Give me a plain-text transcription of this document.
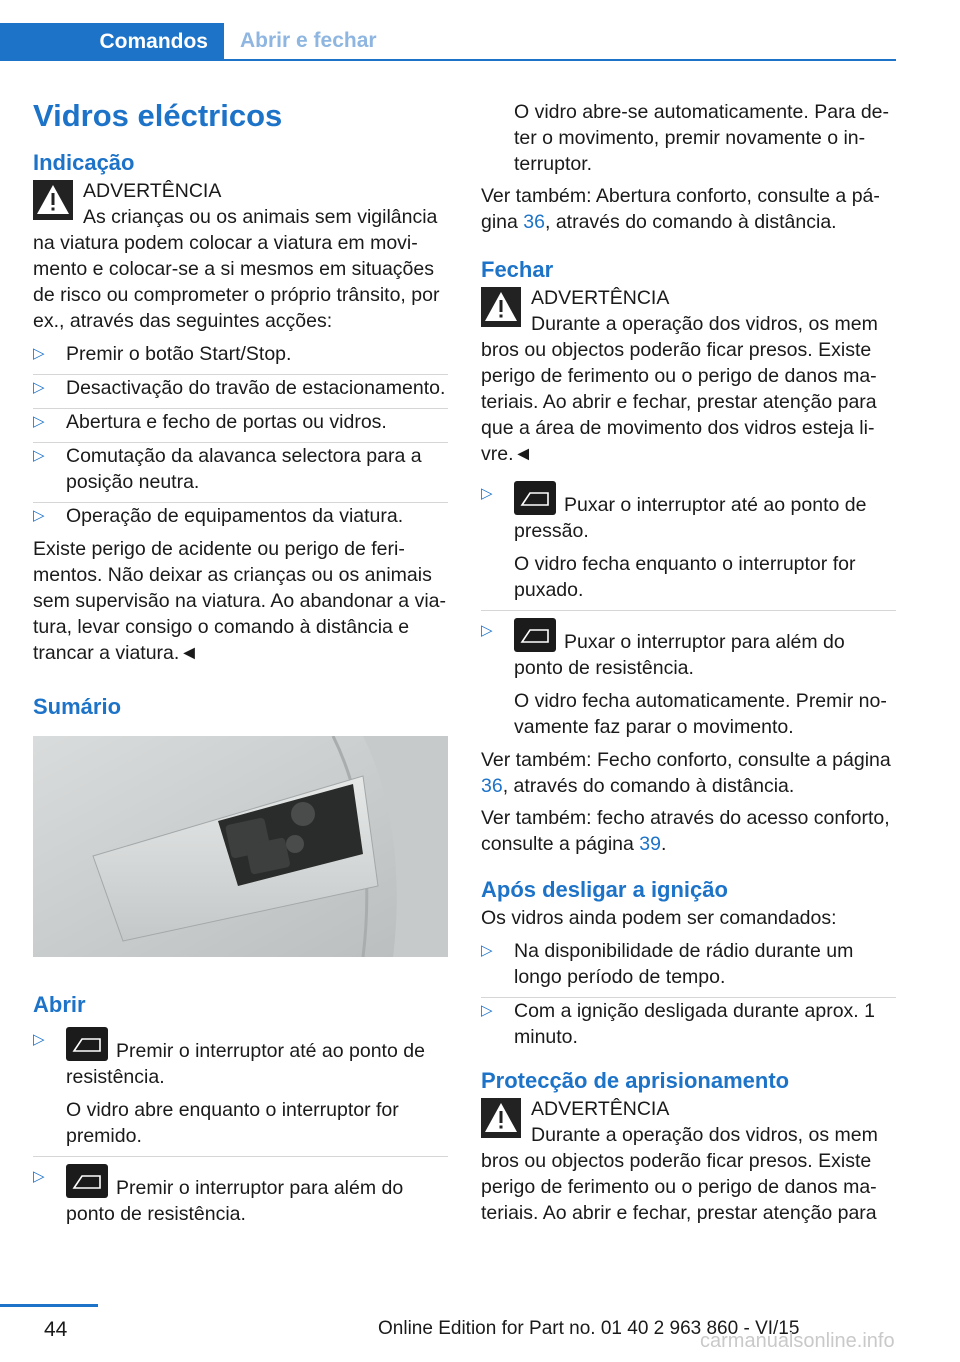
Comandos	Abrir e fechar
Vidros eléctricos
Indicação

ADVERTÊNCIA

As crianças ou os animais sem vigilância

na viatura podem colocar a viatura em movimento e colocar-se a si mesmos em situações de risco ou comprometer o próprio trânsito, por ex., através das seguintes acções:

▷ Premir o botão Start/Stop.
▷ Desactivação do travão de estacionamento.
▷ Abertura e fecho de portas ou vidros.
▷ Comutação da alavanca selectora para a posição neutra.
▷ Operação de equipamentos da viatura.

Existe perigo de acidente ou perigo de ferimentos. Não deixar as crianças ou os animais sem supervisão na viatura. Ao abandonar a viatura, levar consigo o comando à distância e trancar a viatura.◄

Sumário
Abrir
▷
Premir o interruptor até ao ponto de resistência.

O vidro abre enquanto o interruptor for premido.

▷
Premir o interruptor para além do ponto de resistência.

O vidro abre-se automaticamente. Para deter o movimento, premir novamente o interruptor.

Ver também: Abertura conforto, consulte a página 36, através do comando à distância.

Fechar

ADVERTÊNCIA

Durante a operação dos vidros, os mem

bros ou objectos poderão ficar presos. Existe perigo de ferimento ou o perigo de danos materiais. Ao abrir e fechar, prestar atenção para que a área de movimento dos vidros esteja livre.◄

▷
Puxar o interruptor até ao ponto de pressão.

O vidro fecha enquanto o interruptor for puxado.

▷
Puxar o interruptor para além do ponto de resistência.

O vidro fecha automaticamente. Premir novamente faz parar o movimento.

Ver também: Fecho conforto, consulte a página 36, através do comando à distância.

Ver também: fecho através do acesso conforto, consulte a página 39.

Após desligar a ignição

Os vidros ainda podem ser comandados:

▷ Na disponibilidade de rádio durante um longo período de tempo.
▷ Com a ignição desligada durante aprox. 1 minuto.
Protecção de aprisionamento

ADVERTÊNCIA

Durante a operação dos vidros, os mem

bros ou objectos poderão ficar presos. Existe perigo de ferimento ou o perigo de danos materiais. Ao abrir e fechar, prestar atenção para

44	Online Edition for Part no. 01 40 2 963 860 - VI/15
carmanualsonline.info
